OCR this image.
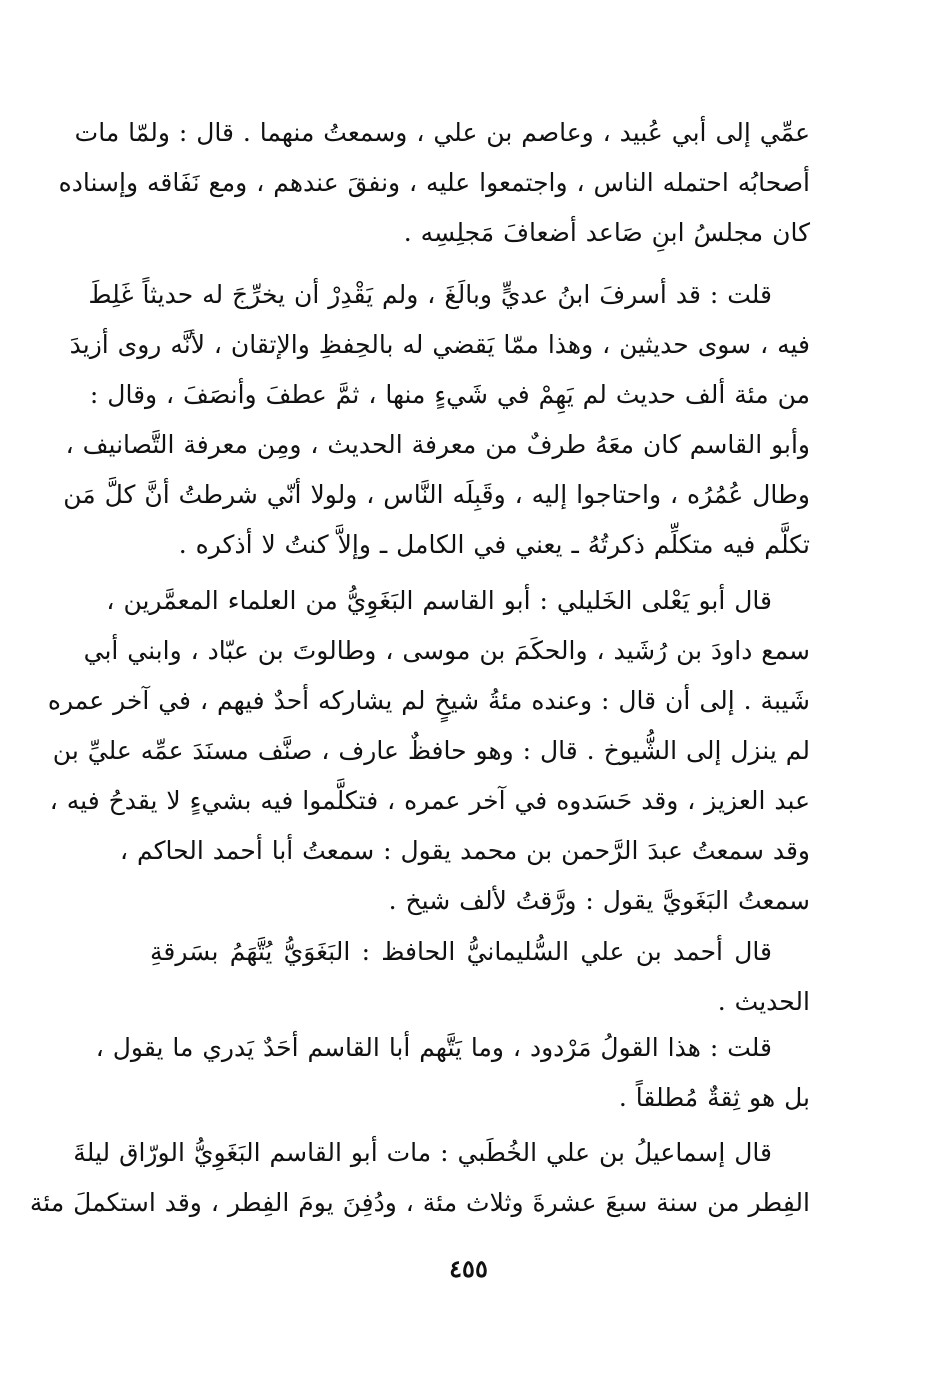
عمِّي إلى أبي عُبيد ، وعاصم بن علي ، وسمعتُ منهما . قال : ولمّا مات
أصحابُه احتمله الناس ، واجتمعوا عليه ، ونفقَ عندهم ، ومع نَفَاقه وإسناده
كان مجلسُ ابنِ صَاعد أضعافَ مَجلِسِه .
قلت : قد أسرفَ ابنُ عديٍّ وبالَغَ ، ولم يَقْدِرْ أن يخرِّجَ له حديثاً غَلِطَ
فيه ، سوى حديثين ، وهذا ممّا يَقضي له بالحِفظِ والإتقان ، لأنَّه روى أزيدَ
من مئة ألف حديث لم يَهِمْ في شَيءٍ منها ، ثمَّ عطفَ وأنصَفَ ، وقال :
وأبو القاسم كان معَهُ طرفٌ من معرفة الحديث ، ومِن معرفة التَّصانيف ،
وطال عُمُرُه ، واحتاجوا إليه ، وقَبِلَه النَّاس ، ولولا أنّي شرطتُ أنَّ كلَّ مَن
تكلَّم فيه متكلِّم ذكرتُهُ ـ يعني في الكامل ـ وإلاَّ كنتُ لا أذكره .
قال أبو يَعْلى الخَليلي : أبو القاسم البَغَوِيُّ من العلماء المعمَّرين ،
سمع داودَ بن رُشَيد ، والحكَمَ بن موسى ، وطالوتَ بن عبّاد ، وابني أبي
شَيبة . إلى أن قال : وعنده مئةُ شيخٍ لم يشاركه أحدٌ فيهم ، في آخر عمره
لم ينزل إلى الشُّيوخ . قال : وهو حافظٌ عارف ، صنَّف مسنَدَ عمِّه عليِّ بن
عبد العزيز ، وقد حَسَدوه في آخر عمره ، فتكلَّموا فيه بشيءٍ لا يقدحُ فيه ،
وقد سمعتُ عبدَ الرَّحمن بن محمد يقول : سمعتُ أبا أحمد الحاكم ،
سمعتُ البَغَويَّ يقول : ورَّقتُ لألف شيخ .
قال أحمد بن علي السُّليمانيُّ الحافظ : البَغَوَيُّ يُتَّهَمُ بسَرقةِ
الحديث .
قلت : هذا القولُ مَرْدود ، وما يَتَّهم أبا القاسم أحَدٌ يَدري ما يقول ،
بل هو ثِقةٌ مُطلقاً .
قال إسماعيلُ بن علي الخُطَبي : مات أبو القاسم البَغَوِيُّ الورّاق ليلةَ
الفِطر من سنة سبعَ عشرةَ وثلاث مئة ، ودُفِنَ يومَ الفِطر ، وقد استكملَ مئة
٤٥٥
